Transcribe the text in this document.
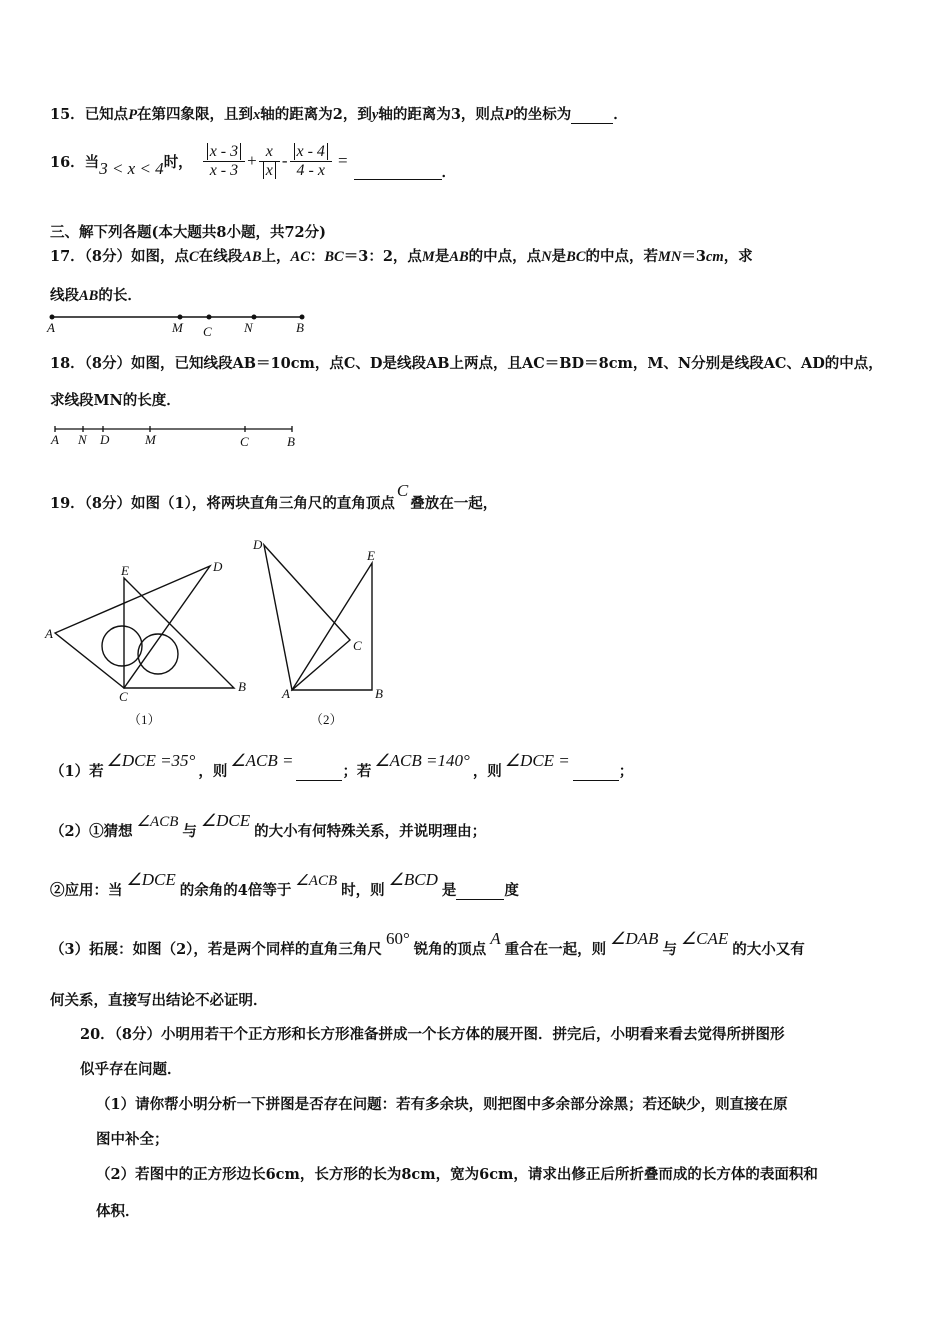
15．已知点P在第四象限，且到x轴的距离为2，到y轴的距离为3，则点P的坐标为	．
16．当 3 < x < 4 时， $\frac{x - 3}{x - 3} + \frac{x}{x} - \frac{x - 4}{4 - x}$ =

．
三、解下列各题(本大题共8小题，共72分)
17．（8分）如图，点C在线段AB上，AC：BC＝3：2，点M是AB的中点，点N是BC的中点，若MN＝3cm，求
线段AB的长．
A	M C N	B
18．（8分）如图，已知线段AB＝10cm，点C、D是线段AB上两点，且AC＝BD＝8cm，M、N分别是线段AC、AD的中点，
求线段MN的长度．
A N D	M	C	B
19．（8分）如图（1），将两块直角三角尺的直角顶点C叠放在一起，
E	D
A
C
B
（1）
D
E
C
A	B
（2）
（1）若∠DCE =35°，则∠ACB = ；若∠ACB =140°，则∠DCE = ；
（2）①猜想∠ACB与∠DCE的大小有何特殊关系，并说明理由；
②应用：当∠DCE的余角的4倍等于∠ACB时，则∠BCD是	度
（3）拓展：如图（2），若是两个同样的直角三角尺60°锐角的顶点A重合在一起，则∠DAB与∠CAE的大小又有
何关系，直接写出结论不必证明．
20．（8分）小明用若干个正方形和长方形准备拼成一个长方体的展开图．拼完后，小明看来看去觉得所拼图形
似乎存在问题．
（1）请你帮小明分析一下拼图是否存在问题：若有多余块，则把图中多余部分涂黑；若还缺少，则直接在原
图中补全；
（2）若图中的正方形边长6cm，长方形的长为8cm，宽为6cm，请求出修正后所折叠而成的长方体的表面积和
体积．
